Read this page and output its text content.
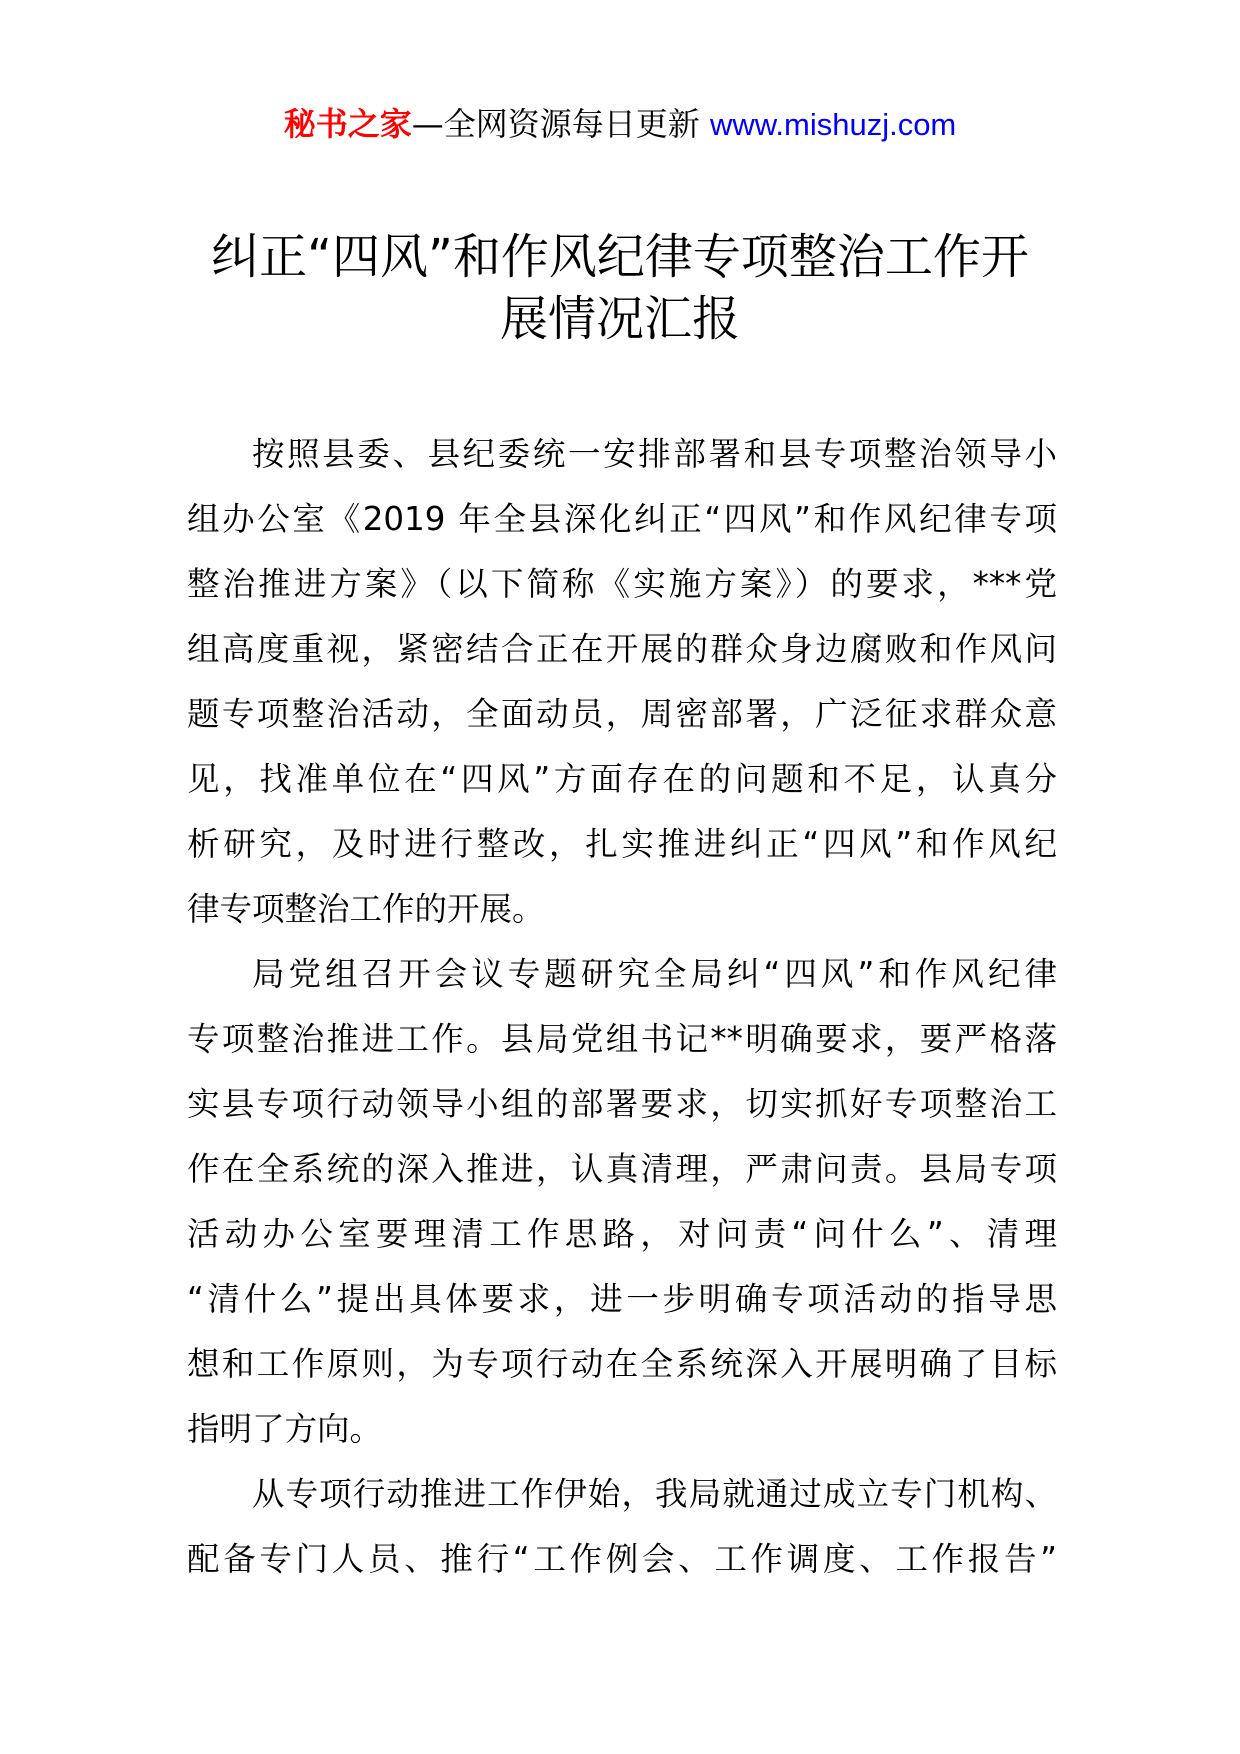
秘书之家—全网资源每日更新 www.mishuzj.com
纠正“四风”和作风纪律专项整治工作开
展情况汇报
按照县委、县纪委统一安排部署和县专项整治领导小
组办公室《2019 年全县深化纠正“四风”和作风纪律专项
整治推进方案》（以下简称《实施方案》）的要求，***党
组高度重视，紧密结合正在开展的群众身边腐败和作风问
题专项整治活动，全面动员，周密部署，广泛征求群众意
见，找准单位在“四风”方面存在的问题和不足，认真分
析研究，及时进行整改，扎实推进纠正“四风”和作风纪
律专项整治工作的开展。
局党组召开会议专题研究全局纠“四风”和作风纪律
专项整治推进工作。县局党组书记**明确要求，要严格落
实县专项行动领导小组的部署要求，切实抓好专项整治工
作在全系统的深入推进，认真清理，严肃问责。县局专项
活动办公室要理清工作思路，对问责“问什么”、清理
“清什么”提出具体要求，进一步明确专项活动的指导思
想和工作原则，为专项行动在全系统深入开展明确了目标
指明了方向。
从专项行动推进工作伊始，我局就通过成立专门机构、
配备专门人员、推行“工作例会、工作调度、工作报告”
